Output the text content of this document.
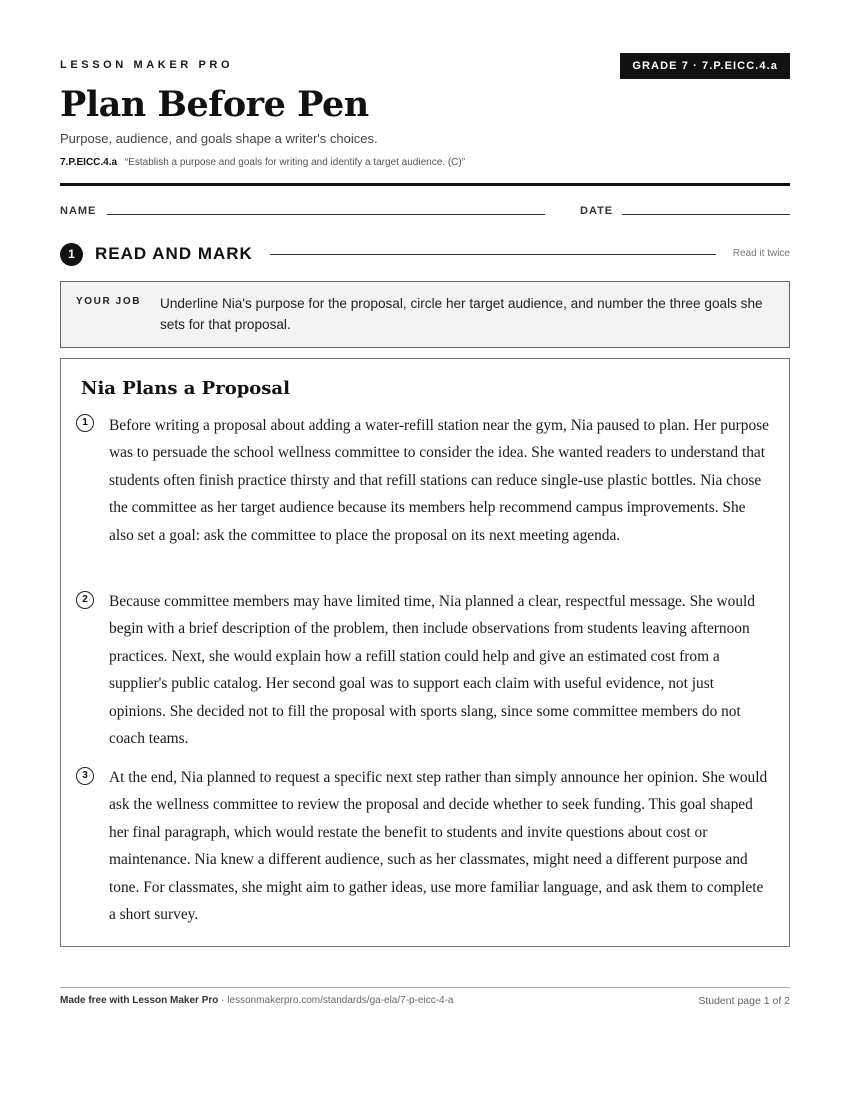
LESSON MAKER PRO	GRADE 7 · 7.P.EICC.4.a
Plan Before Pen
Purpose, audience, and goals shape a writer's choices.
7.P.EICC.4.a “Establish a purpose and goals for writing and identify a target audience. (C)”
NAME	DATE
1	READ AND MARK	Read it twice
YOUR JOB Underline Nia's purpose for the proposal, circle her target audience, and number the three goals she sets for that proposal.
Nia Plans a Proposal
1	Before writing a proposal about adding a water-refill station near the gym, Nia paused to plan. Her purpose was to persuade the school wellness committee to consider the idea. She wanted readers to understand that students often finish practice thirsty and that refill stations can reduce single-use plastic bottles. Nia chose the committee as her target audience because its members help recommend campus improvements. She also set a goal: ask the committee to place the proposal on its next meeting agenda.
2	Because committee members may have limited time, Nia planned a clear, respectful message. She would begin with a brief description of the problem, then include observations from students leaving afternoon practices. Next, she would explain how a refill station could help and give an estimated cost from a supplier's public catalog. Her second goal was to support each claim with useful evidence, not just opinions. She decided not to fill the proposal with sports slang, since some committee members do not coach teams.
3	At the end, Nia planned to request a specific next step rather than simply announce her opinion. She would ask the wellness committee to review the proposal and decide whether to seek funding. This goal shaped her final paragraph, which would restate the benefit to students and invite questions about cost or maintenance. Nia knew a different audience, such as her classmates, might need a different purpose and tone. For classmates, she might aim to gather ideas, use more familiar language, and ask them to complete a short survey.
Made free with Lesson Maker Pro · lessonmakerpro.com/standards/ga-ela/7-p-eicc-4-a	Student page 1 of 2
